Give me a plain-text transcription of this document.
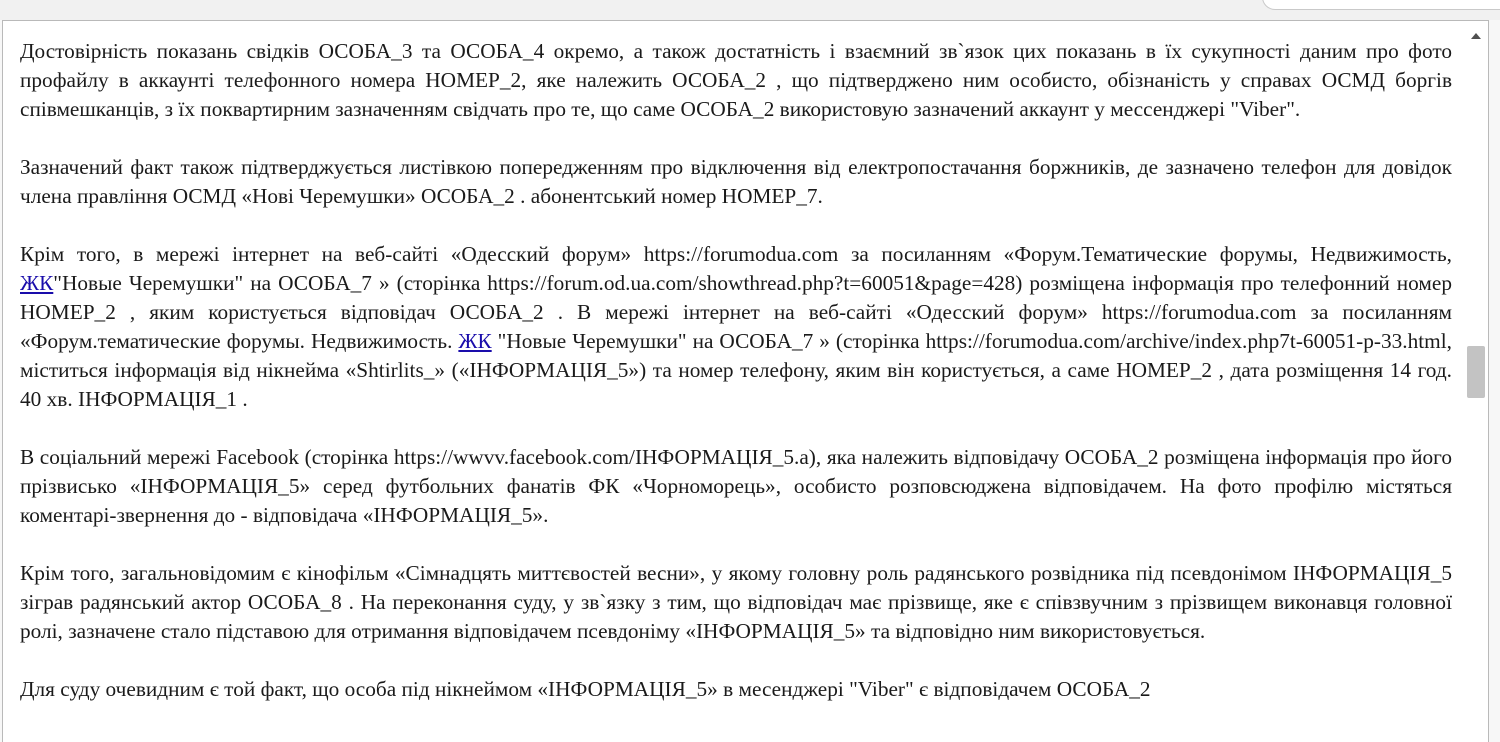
Достовірність показань свідків ОСОБА_3 та ОСОБА_4 окремо, а також достатність і взаємний зв`язок цих показань в їх сукупності даним про фото профайлу в аккаунті телефонного номера НОМЕР_2, яке належить ОСОБА_2 , що підтверджено ним особисто, обізнаність у справах ОСМД боргів співмешканців, з їх поквартирним зазначенням свідчать про те, що саме ОСОБА_2 використовую зазначений аккаунт у мессенджері "Viber".

Зазначений факт також підтверджується листівкою попередженням про відключення від електропостачання боржників, де зазначено телефон для довідок члена правління ОСМД «Нові Черемушки» ОСОБА_2 . абонентський номер НОМЕР_7.

Крім того, в мережі інтернет на веб-сайті «Одесский форум» https://forumodua.com за посиланням «Форум.Тематические форумы, Недвижимость, ЖК"Новые Черемушки" на ОСОБА_7 » (сторінка https://forum.od.ua.com/showthread.php?t=60051&page=428) розміщена інформація про телефонний номер НОМЕР_2 , яким користується відповідач ОСОБА_2 . В мережі інтернет на веб-сайті «Одесский форум» https://forumodua.com за посиланням «Форум.тематические форумы. Недвижимость. ЖК "Новые Черемушки" на ОСОБА_7 » (сторінка https://forumodua.com/archive/index.php7t-60051-p-33.html, міститься інформація від нікнейма «Shtirlits_» («ІНФОРМАЦІЯ_5») та номер телефону, яким він користується, а саме НОМЕР_2 , дата розміщення 14 год. 40 хв. ІНФОРМАЦІЯ_1 .

В соціальний мережі Facebook (сторінка https://wwvv.facebook.com/ІНФОРМАЦІЯ_5.a), яка належить відповідачу ОСОБА_2 розміщена інформація про його прізвисько «ІНФОРМАЦІЯ_5» серед футбольних фанатів ФК «Чорноморець», особисто розповсюджена відповідачем. На фото профілю містяться коментарі-звернення до - відповідача «ІНФОРМАЦІЯ_5».

Крім того, загальновідомим є кінофільм «Сімнадцять миттєвостей весни», у якому головну роль радянського розвідника під псевдонімом ІНФОРМАЦІЯ_5 зіграв радянський актор ОСОБА_8 . На переконання суду, у зв`язку з тим, що відповідач має прізвище, яке є співзвучним з прізвищем виконавця головної ролі, зазначене стало підставою для отримання відповідачем псевдоніму «ІНФОРМАЦІЯ_5» та відповідно ним використовується.

Для суду очевидним є той факт, що особа під нікнеймом «ІНФОРМАЦІЯ_5» в месенджері "Viber" є відповідачем ОСОБА_2
